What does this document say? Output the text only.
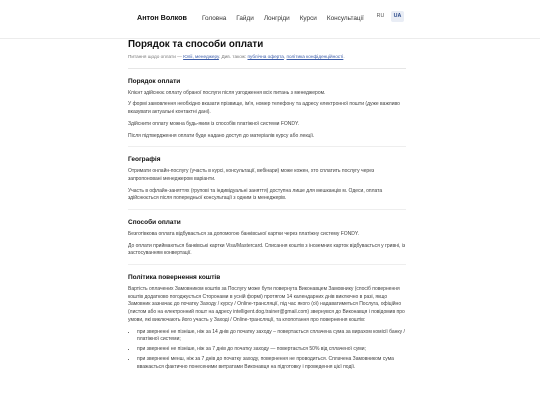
Антон Волков Головна Гайди Лонгріди Курси Консультації	RU	UA
Порядок та способи оплати
Питання щодо оплати — Юліі, менеджеру. Див. також: публічна оферта, політика конфіденційності.
Порядок оплати

Клієнт здійснює оплату обраної послуги після узгодження всіх питань з менеджером.

У формі замовлення необхідно вказати прізвище, ім'я, номер телефону та адресу електронної пошти (дуже важливо вказувати актуальні контактні дані).

Здійснити оплату можна будь-яким із способів платіжної системи FONDY.

Після підтвердження оплати буде надано доступ до матеріалів курсу або лекції.

Географія

Отримати онлайн-послугу (участь в курсі, консультації, вебінари) може кожен, хто сплатить послугу через запропоновані менеджером варіанти.

Участь в офлайн-заняттях (групові та індивідуальні заняття) доступна лише для мешканців м. Одеси, оплата здійснюється після попередньої консультації з одним із менеджерів.

Способи оплати

Безготівкова оплата відбувається за допомогою банківської картки через платіжну систему FONDY.

До оплати приймаються банківські картки Visa/Mastercard. Списання коштів з іноземних карток відбувається у гривні, із застосуванням конвертації.

Політика повернення коштів

Вартість оплачених Замовником коштів за Послугу може бути повернута Виконавцем Замовнику (спосіб повернення коштів додатково погоджується Сторонами в усній формі) протягом 14 календарних днів виключно в разі, якщо Замовник зазначає до початку Заходу / курсу / Online-трансляції, під час якого (ої) надаватиметься Послуга, офіційно (листом або на електронний пошт на адресу intelligent.dog.trainer@gmail.com) звернувся до Виконавця і повідомив про умови, які виключають його участь у Заході / Online-трансляції, та клопотання про повернення коштів:

• при зверненні не пізніше, ніж за 14 днів до початку заходу – повертається сплачена сума за вирахом комісії банку / платіжної системи;
• при зверненні не пізніше, ніж за 7 днів до початку заходу — повертається 50% від сплаченої суми;
• при зверненні менш, ніж за 7 днів до початку заходу, повернення не проводиться. Сплачена Замовником сума вважається фактично понесеними витратами Виконавця на підготовку і проведення цієї події.
